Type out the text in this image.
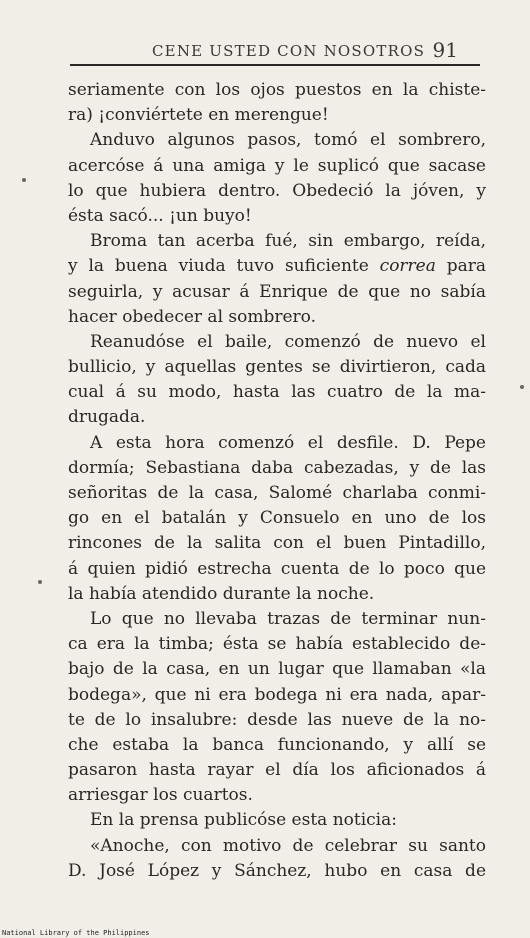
CENE USTED CON NOSOTROS 91
seriamente con los ojos puestos en la chiste-
ra) ¡conviértete en merengue!
Anduvo algunos pasos, tomó el sombrero,
acercóse á una amiga y le suplicó que sacase
lo que hubiera dentro. Obedeció la jóven, y
ésta sacó... ¡un buyo!
Broma tan acerba fué, sin embargo, reída,
y la buena viuda tuvo suficiente correa para
seguirla, y acusar á Enrique de que no sabía
hacer obedecer al sombrero.
Reanudóse el baile, comenzó de nuevo el
bullicio, y aquellas gentes se divirtieron, cada
cual á su modo, hasta las cuatro de la ma-
drugada.
A esta hora comenzó el desfile. D. Pepe
dormía; Sebastiana daba cabezadas, y de las
señoritas de la casa, Salomé charlaba conmi-
go en el batalán y Consuelo en uno de los
rincones de la salita con el buen Pintadillo,
á quien pidió estrecha cuenta de lo poco que
la había atendido durante la noche.
Lo que no llevaba trazas de terminar nun-
ca era la timba; ésta se había establecido de-
bajo de la casa, en un lugar que llamaban «la
bodega», que ni era bodega ni era nada, apar-
te de lo insalubre: desde las nueve de la no-
che estaba la banca funcionando, y allí se
pasaron hasta rayar el día los aficionados á
arriesgar los cuartos.
En la prensa publicóse esta noticia:
«Anoche, con motivo de celebrar su santo
D. José López y Sánchez, hubo en casa de
National Library of the Philippines
